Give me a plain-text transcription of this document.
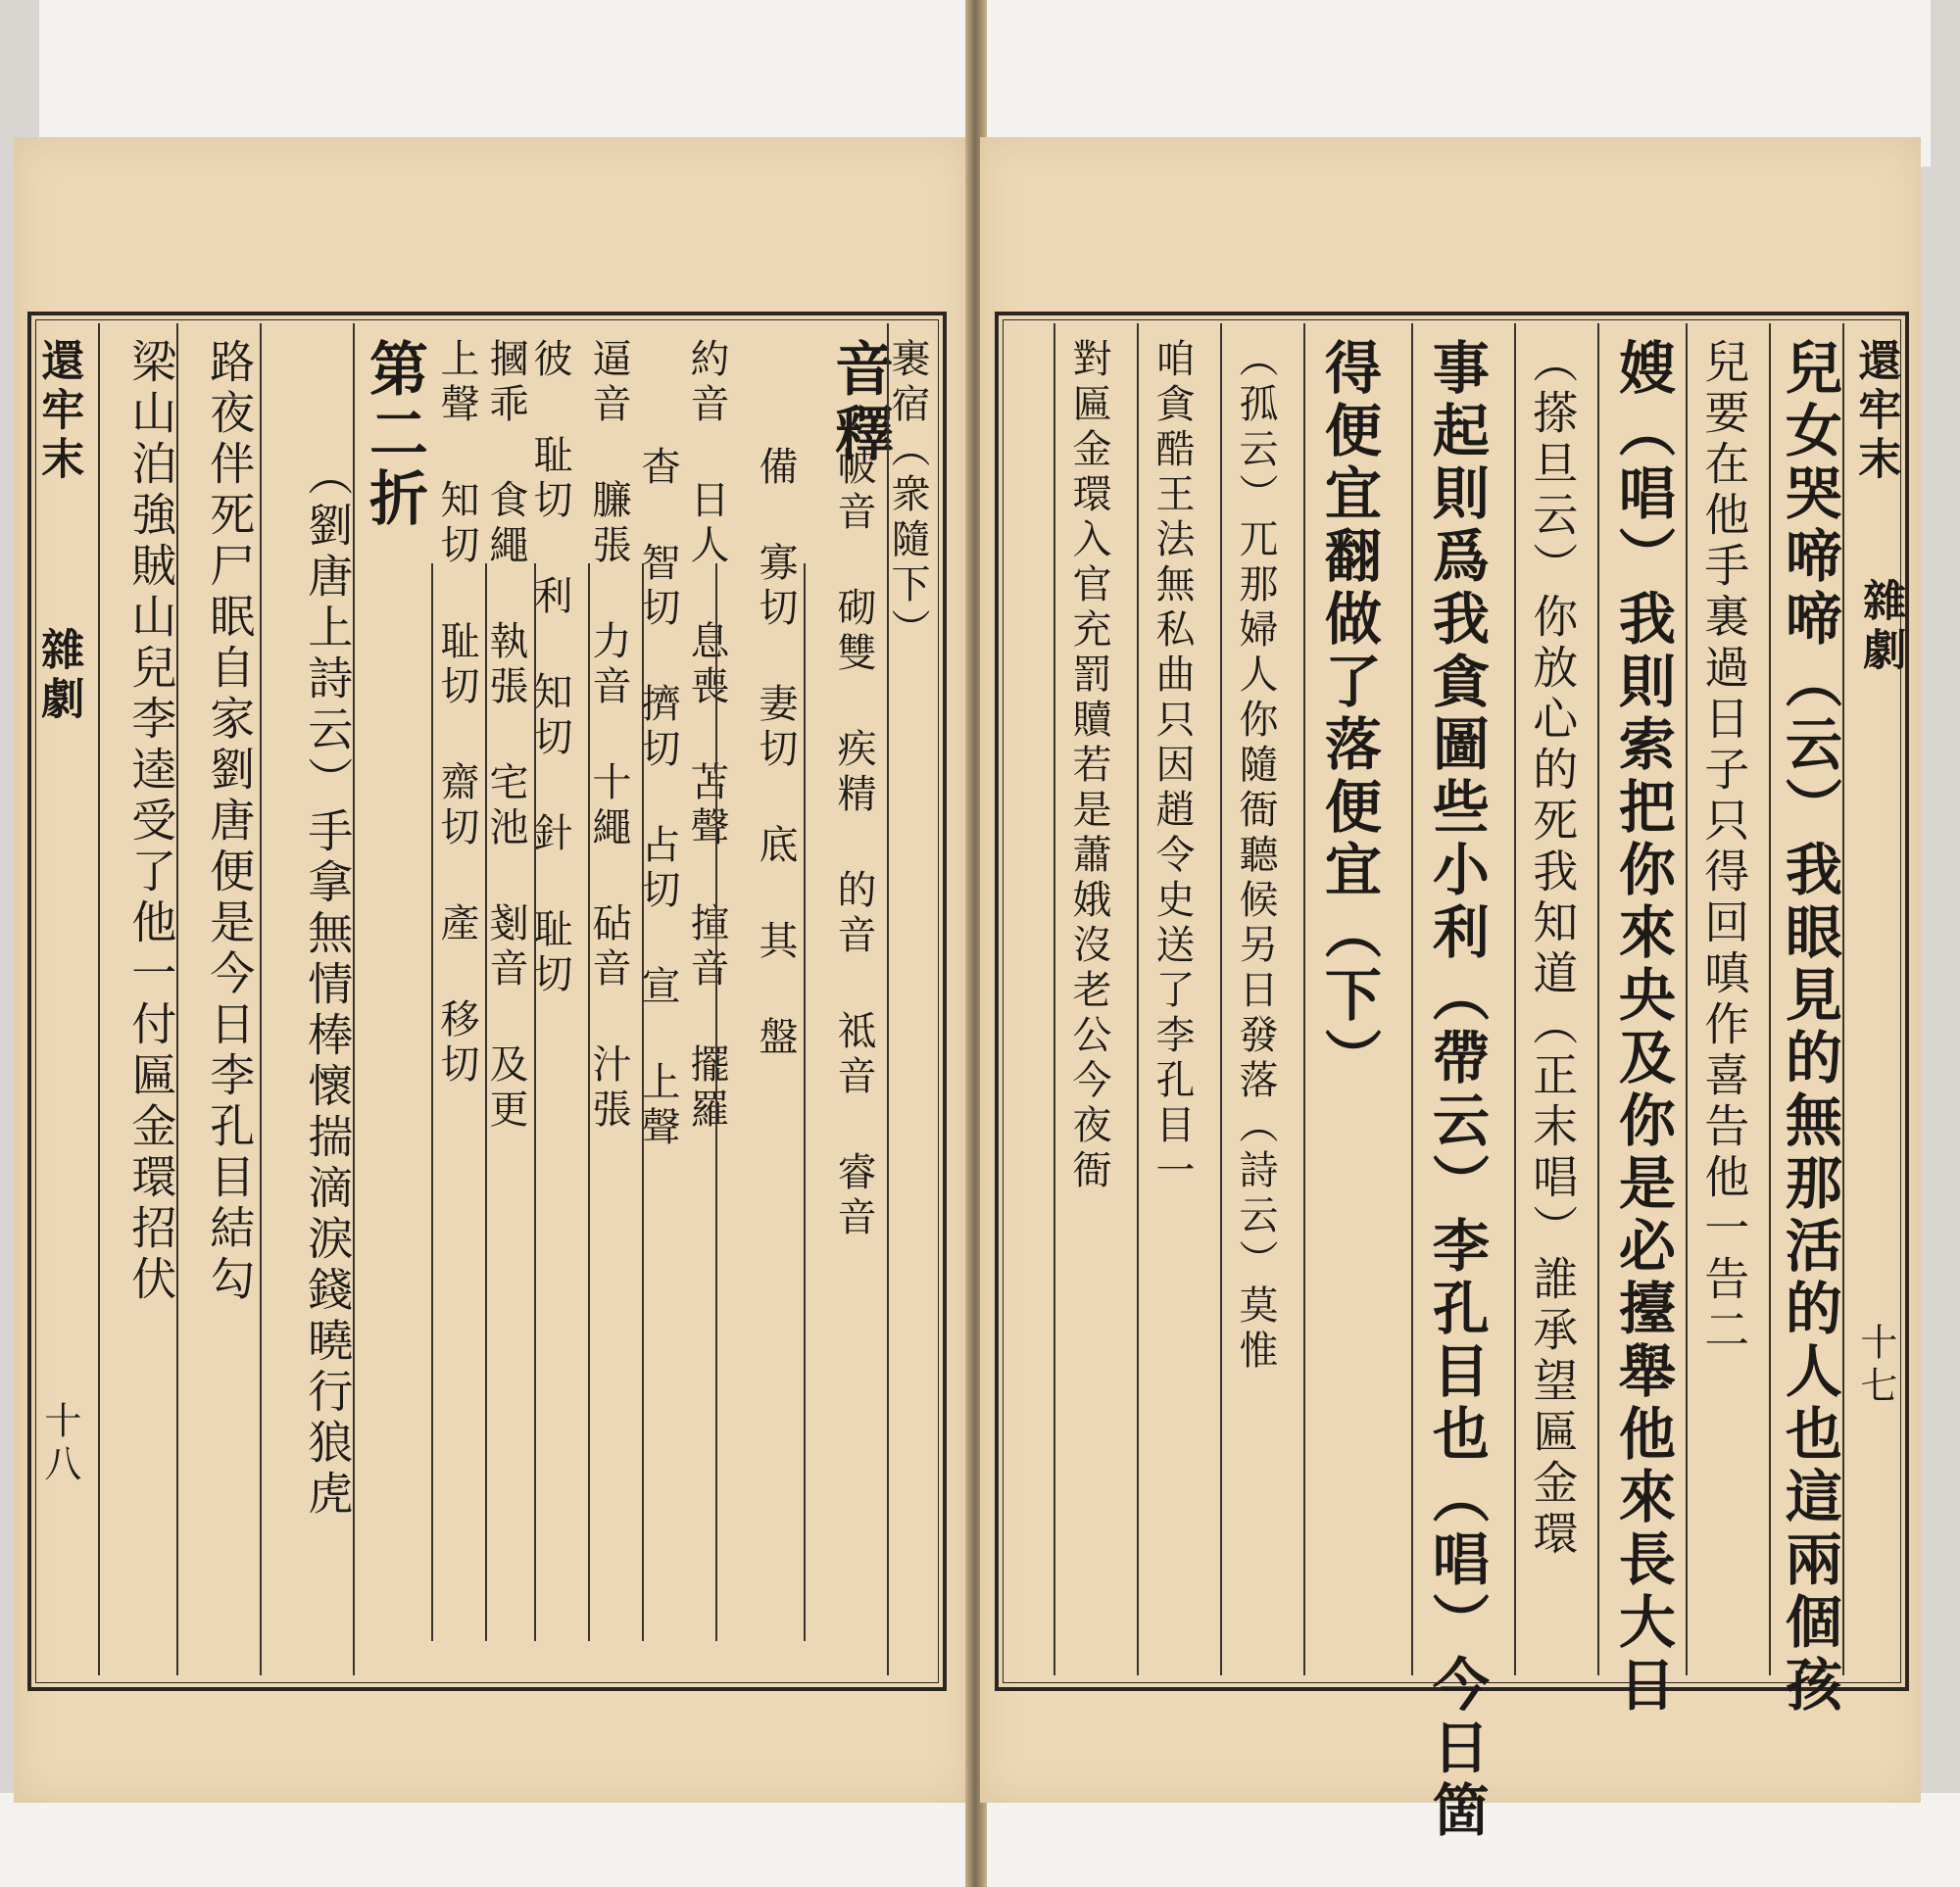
還牢末
雜劇
十八
裹宿（衆隨下）
音釋
帔音 砌雙 疾精 的音 祗音 睿音
備 寡切 妻切 底 其 盤
約音 日人 息喪 苫聲 揎音 擺羅
杳 智切 擠切 占切 宣 上聲
逼音 臁張 力音 十繩 砧音 汁張
彼 耻切 利 知切 針 耻切
摑乖 食繩 執張 宅池 剗音 及更
上聲 知切 耻切 齋切 產 移切
第二折
（劉唐上詩云）手拿無情棒懷揣滴淚錢曉行狼虎
路夜伴死尸眠自家劉唐便是今日李孔目結勾
梁山泊強賊山兒李逵受了他一付匾金環招伏	還牢末
雜劇
十七
兒女哭啼啼（云）我眼見的無那活的人也這兩個孩
兒要在他手裏過日子只得回嗔作喜告他一告二
嫂（唱）我則索把你來央及你是必擡舉他來長大日
（搽旦云）你放心的死我知道（正末唱）誰承望匾金環
事起則爲我貪圖些小利（帶云）李孔目也（唱）今日箇
得便宜翻做了落便宜（下）
（孤云）兀那婦人你隨衙聽候另日發落（詩云）莫惟
咱貪酷王法無私曲只因趙令史送了李孔目一
對匾金環入官充罰贖若是蕭娥沒老公今夜衙
